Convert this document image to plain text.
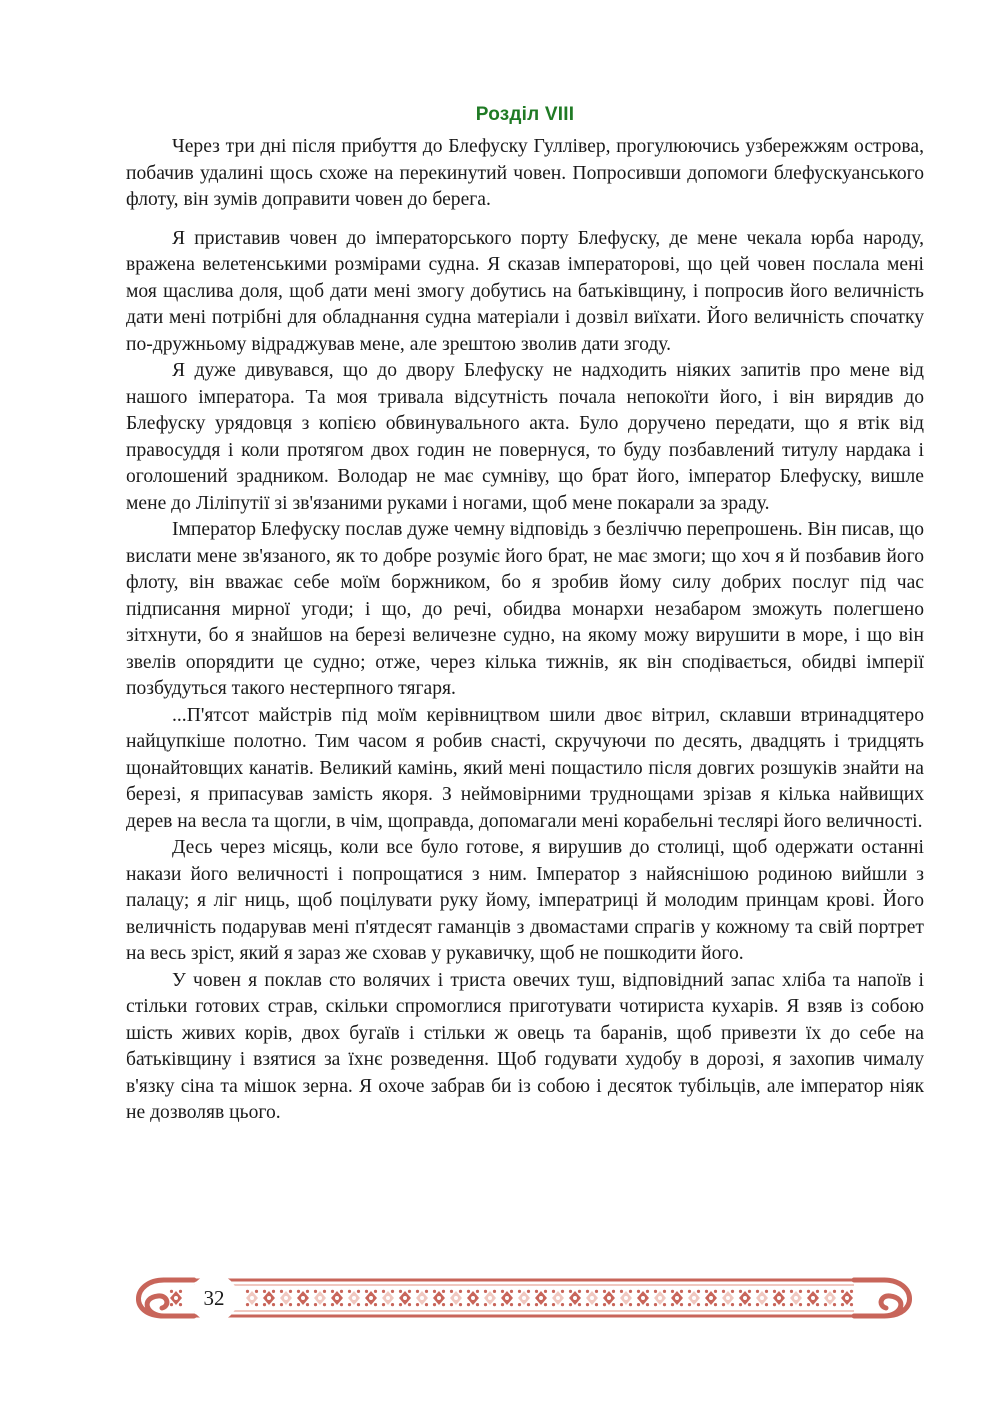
Розділ VIII

Через три дні після прибуття до Блефуску Гуллівер, прогулюючись узбережжям острова, побачив удалині щось схоже на перекинутий човен. Попросивши допомоги блефускуанського флоту, він зумів доправити човен до берега.

Я приставив човен до імператорського порту Блефуску, де мене чекала юрба народу, вражена велетенськими розмірами судна. Я сказав імператорові, що цей човен послала мені моя щаслива доля, щоб дати мені змогу добутись на батьківщину, і попросив його величність дати мені потрібні для обладнання судна матеріали і дозвіл виїхати. Його величність спочатку по-дружньому відраджував мене, але зрештою зволив дати згоду.

Я дуже дивувався, що до двору Блефуску не надходить ніяких запитів про мене від нашого імператора. Та моя тривала відсутність почала непокоїти його, і він вирядив до Блефуску урядовця з копією обвинувального акта. Було доручено передати, що я втік від правосуддя і коли протягом двох годин не повернуся, то буду позбавлений титулу нардака і оголошений зрадником. Володар не має сумніву, що брат його, імператор Блефуску, вишле мене до Ліліпутії зі зв'язаними руками і ногами, щоб мене покарали за зраду.

Імператор Блефуску послав дуже чемну відповідь з безліччю перепрошень. Він писав, що вислати мене зв'язаного, як то добре розуміє його брат, не має змоги; що хоч я й позбавив його флоту, він вважає себе моїм боржником, бо я зробив йому силу добрих послуг під час підписання мирної угоди; і що, до речі, обидва монархи незабаром зможуть полегшено зітхнути, бо я знайшов на березі величезне судно, на якому можу вирушити в море, і що він звелів опорядити це судно; отже, через кілька тижнів, як він сподівається, обидві імперії позбудуться такого нестерпного тягаря.

...П'ятсот майстрів під моїм керівництвом шили двоє вітрил, склавши втринадцятеро найцупкіше полотно. Тим часом я робив снасті, скручуючи по десять, двадцять і тридцять щонайтовщих канатів. Великий камінь, який мені пощастило після довгих розшуків знайти на березі, я припасував замість якоря. З неймовірними труднощами зрізав я кілька найвищих дерев на весла та щогли, в чім, щоправда, допомагали мені корабельні теслярі його величності.

Десь через місяць, коли все було готове, я вирушив до столиці, щоб одержати останні накази його величності і попрощатися з ним. Імператор з найяснішою родиною вийшли з палацу; я ліг ниць, щоб поцілувати руку йому, імператриці й молодим принцам крові. Його величність подарував мені п'ятдесят гаманців з двомастами спрагів у кожному та свій портрет на весь зріст, який я зараз же сховав у рукавичку, щоб не пошкодити його.

У човен я поклав сто волячих і триста овечих туш, відповідний запас хліба та напоїв і стільки готових страв, скільки спромоглися приготувати чотириста кухарів. Я взяв із собою шість живих корів, двох бугаїв і стільки ж овець та баранів, щоб привезти їх до себе на батьківщину і взятися за їхнє розведення. Щоб годувати худобу в дорозі, я захопив чималу в'язку сіна та мішок зерна. Я охоче забрав би із собою і десяток тубільців, але імператор ніяк не дозволяв цього.

32
